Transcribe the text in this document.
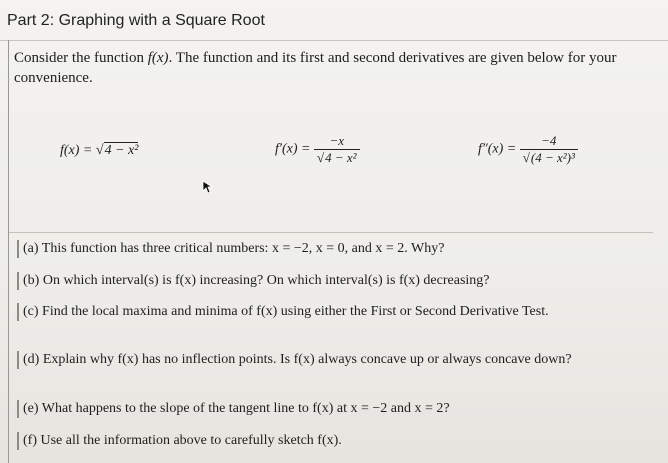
Part 2: Graphing with a Square Root
Consider the function f(x). The function and its first and second derivatives are given below for your convenience.
f(x) = √4 − x²	$f'(x) = \frac{-x}{\text{√4 − x²}}$	$f''(x) = \frac{-4}{\text{√(4 − x²)³}}$
(a) This function has three critical numbers: x = −2, x = 0, and x = 2. Why?
(b) On which interval(s) is f(x) increasing? On which interval(s) is f(x) decreasing?
(c) Find the local maxima and minima of f(x) using either the First or Second Derivative Test.
(d) Explain why f(x) has no inflection points. Is f(x) always concave up or always concave down?
(e) What happens to the slope of the tangent line to f(x) at x = −2 and x = 2?
(f) Use all the information above to carefully sketch f(x).
